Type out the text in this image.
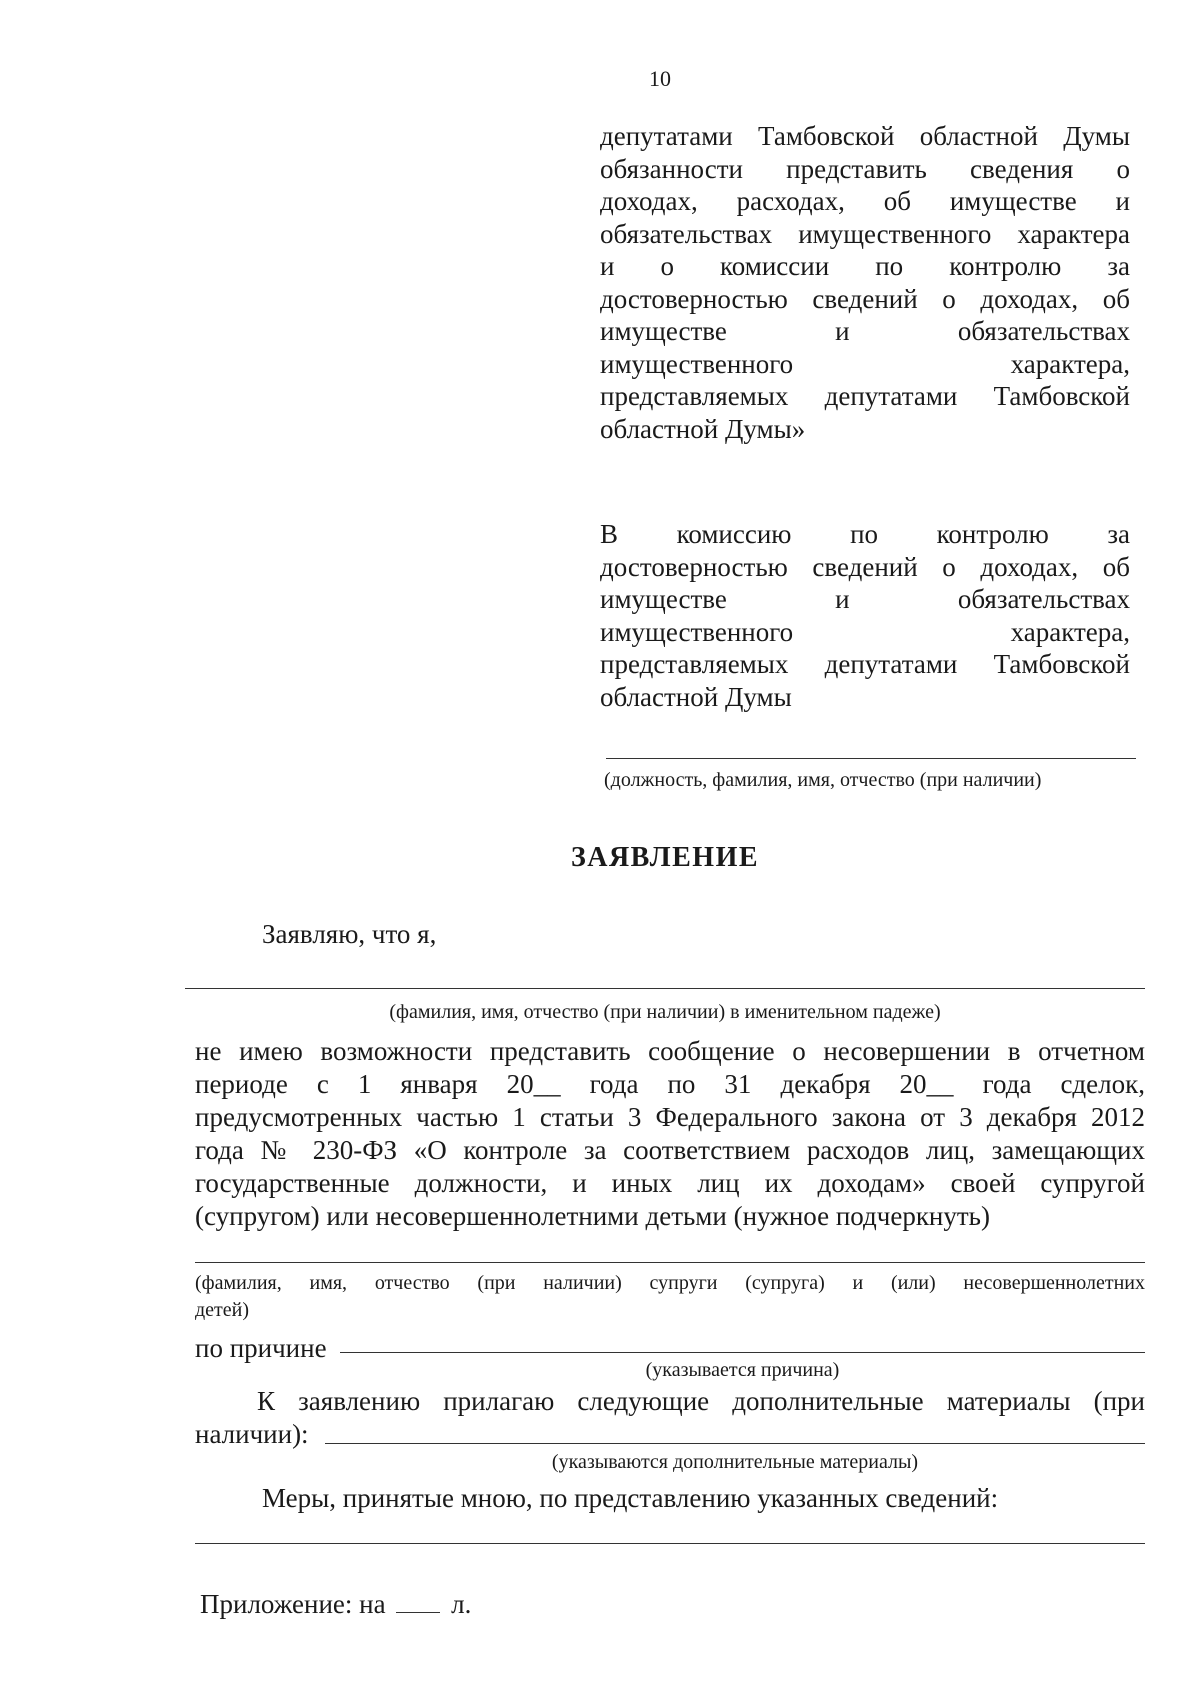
10
депутатами Тамбовской областной Думы
обязанности представить сведения о
доходах, расходах, об имуществе и
обязательствах имущественного характера
и о комиссии по контролю за
достоверностью сведений о доходах, об
имуществе и обязательствах
имущественного характера,
представляемых депутатами Тамбовской
областной Думы»
В комиссию по контролю за
достоверностью сведений о доходах, об
имуществе и обязательствах
имущественного характера,
представляемых депутатами Тамбовской
областной Думы
(должность, фамилия, имя, отчество (при наличии)
ЗАЯВЛЕНИЕ
Заявляю, что я,
(фамилия, имя, отчество (при наличии) в именительном падеже)
не имею возможности представить сообщение о несовершении в отчетном
периоде с 1 января 20__ года по 31 декабря 20__ года сделок,
предусмотренных частью 1 статьи 3 Федерального закона от 3 декабря 2012
года № 230-ФЗ «О контроле за соответствием расходов лиц, замещающих
государственные должности, и иных лиц их доходам» своей супругой
(супругом) или несовершеннолетними детьми (нужное подчеркнуть)
(фамилия, имя, отчество (при наличии) супруги (супруга) и (или) несовершеннолетних
детей)
по причине
(указывается причина)
К заявлению прилагаю следующие дополнительные материалы (при
наличии):
(указываются дополнительные материалы)
Меры, принятые мною, по представлению указанных сведений:
Приложение: на л.
